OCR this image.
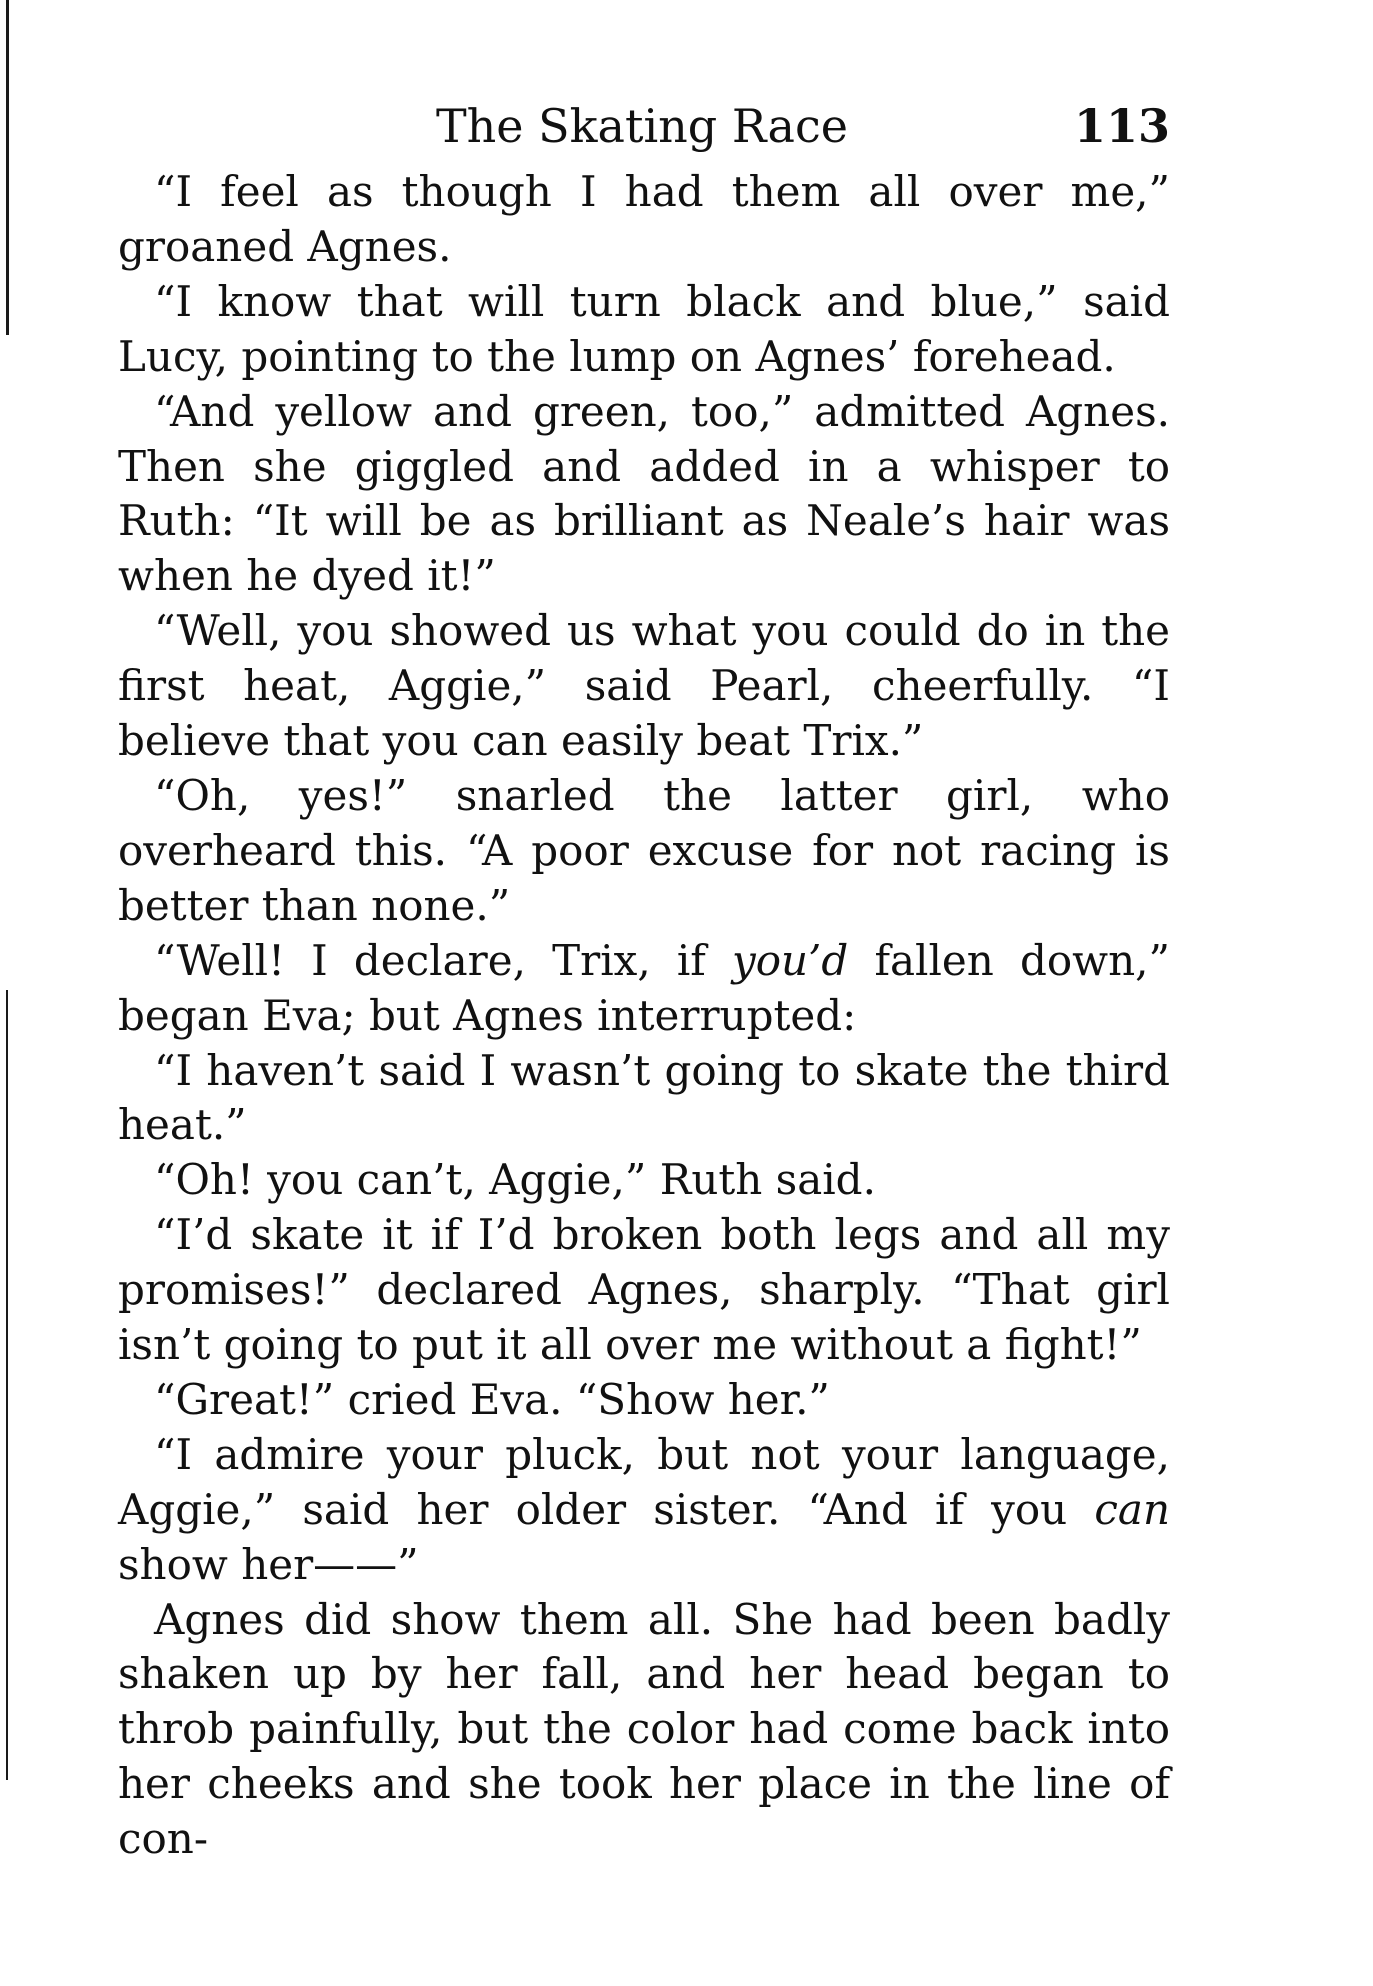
The Skating Race	113

“I feel as though I had them all over me,” groaned Agnes.

“I know that will turn black and blue,” said Lucy, pointing to the lump on Agnes’ forehead.

“And yellow and green, too,” admitted Agnes. Then she giggled and added in a whisper to Ruth: “It will be as brilliant as Neale’s hair was when he dyed it!”

“Well, you showed us what you could do in the first heat, Aggie,” said Pearl, cheerfully. “I believe that you can easily beat Trix.”

“Oh, yes!” snarled the latter girl, who overheard this. “A poor excuse for not racing is better than none.”

“Well! I declare, Trix, if you’d fallen down,” began Eva; but Agnes interrupted:

“I haven’t said I wasn’t going to skate the third heat.”

“Oh! you can’t, Aggie,” Ruth said.

“I’d skate it if I’d broken both legs and all my promises!” declared Agnes, sharply. “That girl isn’t going to put it all over me without a fight!”

“Great!” cried Eva. “Show her.”

“I admire your pluck, but not your language, Aggie,” said her older sister. “And if you can show her——”

Agnes did show them all. She had been badly shaken up by her fall, and her head began to throb painfully, but the color had come back into her cheeks and she took her place in the line of con-
